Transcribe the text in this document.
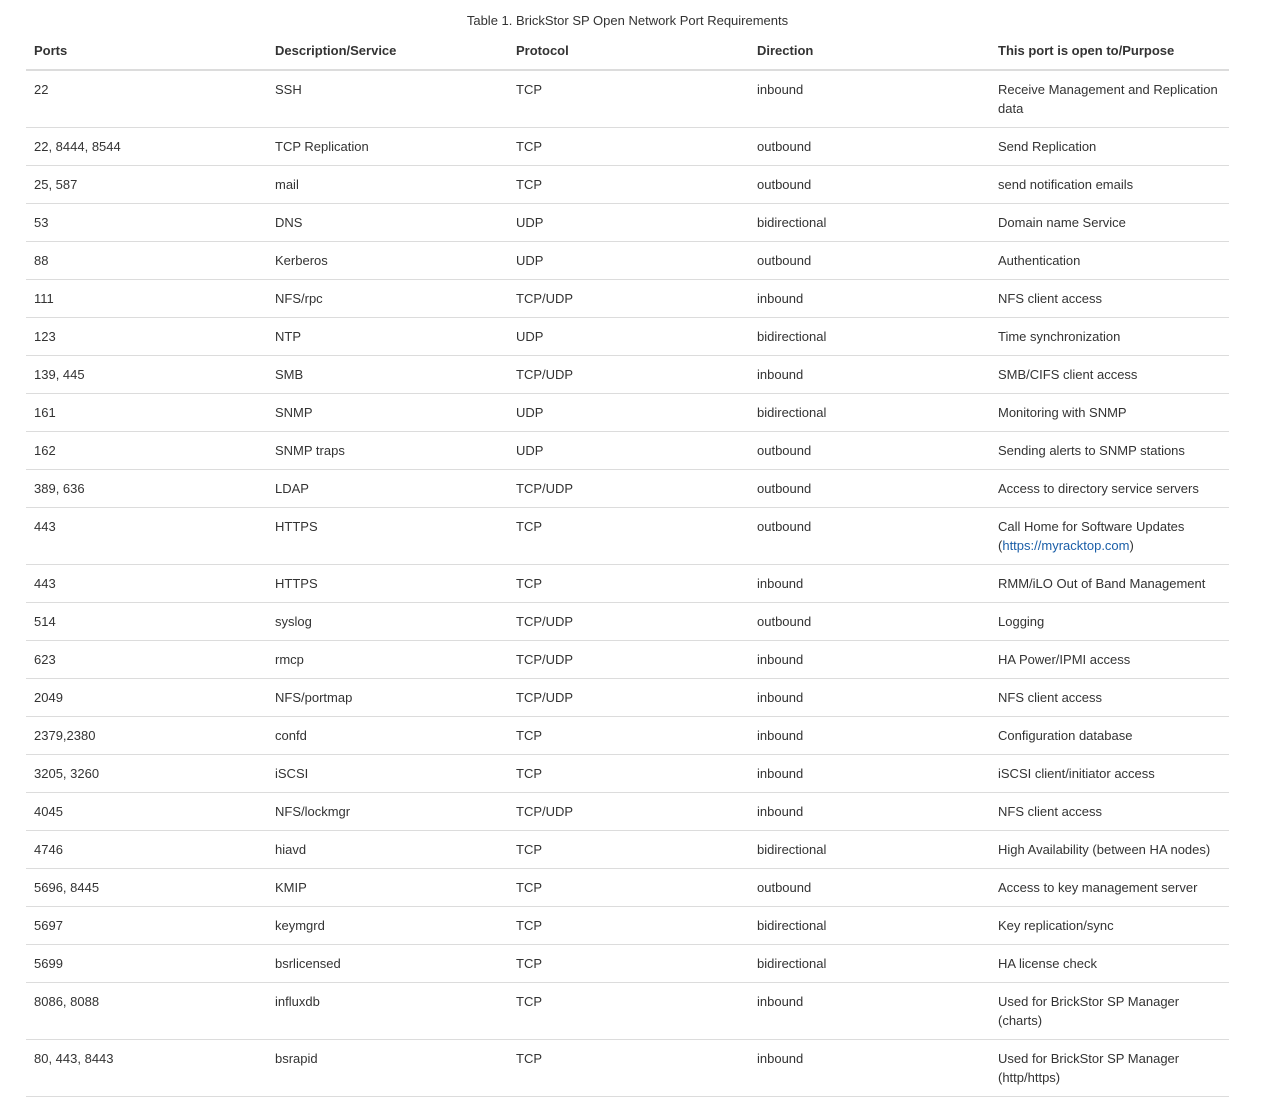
Table 1. BrickStor SP Open Network Port Requirements
Ports	Description/Service	Protocol	Direction	This port is open to/Purpose
22	SSH	TCP	inbound	Receive Management and Replication data
22, 8444, 8544	TCP Replication	TCP	outbound	Send Replication
25, 587	mail	TCP	outbound	send notification emails
53	DNS	UDP	bidirectional	Domain name Service
88	Kerberos	UDP	outbound	Authentication
111	NFS/rpc	TCP/UDP	inbound	NFS client access
123	NTP	UDP	bidirectional	Time synchronization
139, 445	SMB	TCP/UDP	inbound	SMB/CIFS client access
161	SNMP	UDP	bidirectional	Monitoring with SNMP
162	SNMP traps	UDP	outbound	Sending alerts to SNMP stations
389, 636	LDAP	TCP/UDP	outbound	Access to directory service servers
443	HTTPS	TCP	outbound	Call Home for Software Updates (https://myracktop.com)
443	HTTPS	TCP	inbound	RMM/iLO Out of Band Management
514	syslog	TCP/UDP	outbound	Logging
623	rmcp	TCP/UDP	inbound	HA Power/IPMI access
2049	NFS/portmap	TCP/UDP	inbound	NFS client access
2379,2380	confd	TCP	inbound	Configuration database
3205, 3260	iSCSI	TCP	inbound	iSCSI client/initiator access
4045	NFS/lockmgr	TCP/UDP	inbound	NFS client access
4746	hiavd	TCP	bidirectional	High Availability (between HA nodes)
5696, 8445	KMIP	TCP	outbound	Access to key management server
5697	keymgrd	TCP	bidirectional	Key replication/sync
5699	bsrlicensed	TCP	bidirectional	HA license check
8086, 8088	influxdb	TCP	inbound	Used for BrickStor SP Manager (charts)
80, 443, 8443	bsrapid	TCP	inbound	Used for BrickStor SP Manager (http/https)
